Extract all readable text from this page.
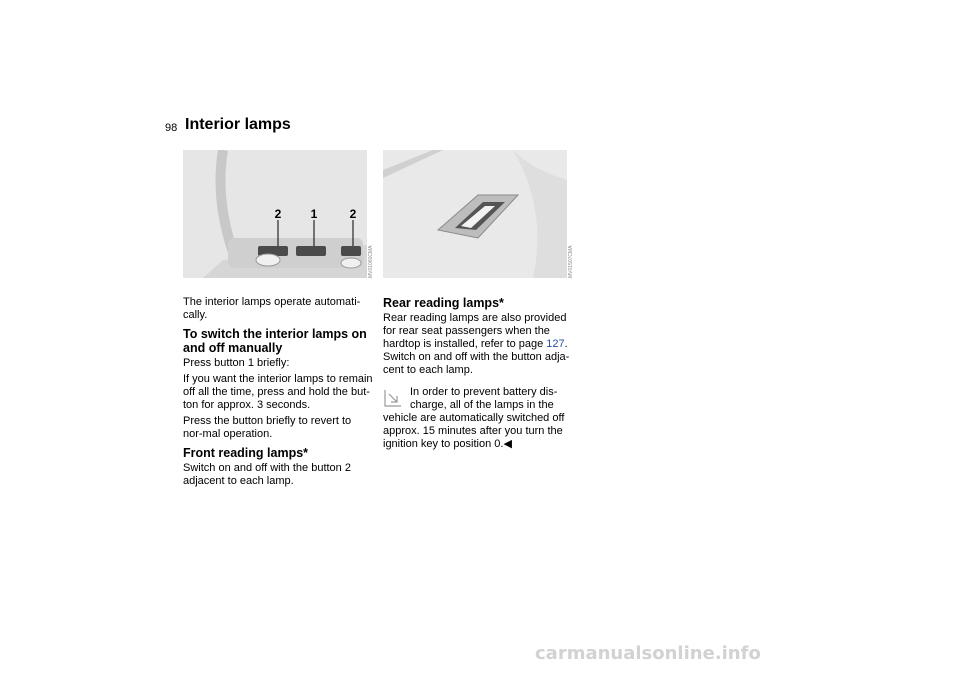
98 Interior lamps
2 1	2
MV01060CMA	MV01507CMA

The interior lamps operate automati-cally.

To switch the interior lamps on and off manually

Press button 1 briefly:

If you want the interior lamps to remain off all the time, press and hold the but-ton for approx. 3 seconds.

Press the button briefly to revert to nor-mal operation.

Front reading lamps*

Switch on and off with the button 2 adjacent to each lamp.

Rear reading lamps*

Rear reading lamps are also provided for rear seat passengers when the hardtop is installed, refer to page 127. Switch on and off with the button adja-cent to each lamp.

In order to prevent battery dis-
charge, all of the lamps in the
vehicle are automatically switched off approx. 15 minutes after you turn the ignition key to position 0.◀
carmanualsonline.info
